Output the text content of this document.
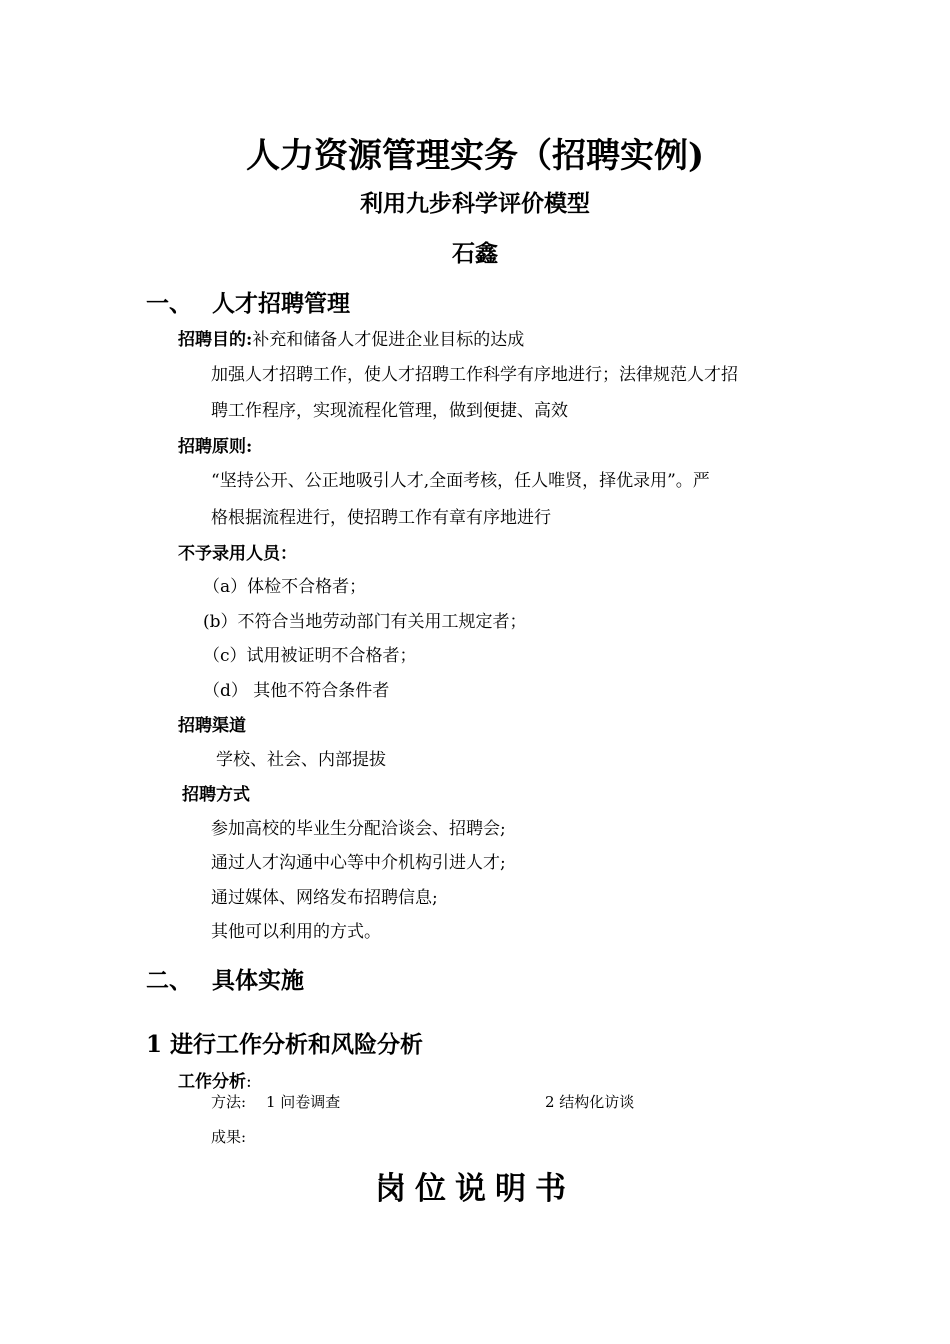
人力资源管理实务（招聘实例)
利用九步科学评价模型
石鑫
一、 人才招聘管理
招聘目的:补充和储备人才促进企业目标的达成
加强人才招聘工作，使人才招聘工作科学有序地进行；法律规范人才招
聘工作程序，实现流程化管理，做到便捷、高效
招聘原则:
“坚持公开、公正地吸引人才,全面考核，任人唯贤，择优录用”。严
格根据流程进行，使招聘工作有章有序地进行
不予录用人员：
（a）体检不合格者；
(b）不符合当地劳动部门有关用工规定者；
（c）试用被证明不合格者；
（d） 其他不符合条件者
招聘渠道
学校、社会、内部提拔
招聘方式
参加高校的毕业生分配洽谈会、招聘会;
通过人才沟通中心等中介机构引进人才;
通过媒体、网络发布招聘信息;
其他可以利用的方式。
二、 具体实施
1 进行工作分析和风险分析
工作分析:
方法: 1 问卷调查	2 结构化访谈
成果:
岗位说明书
